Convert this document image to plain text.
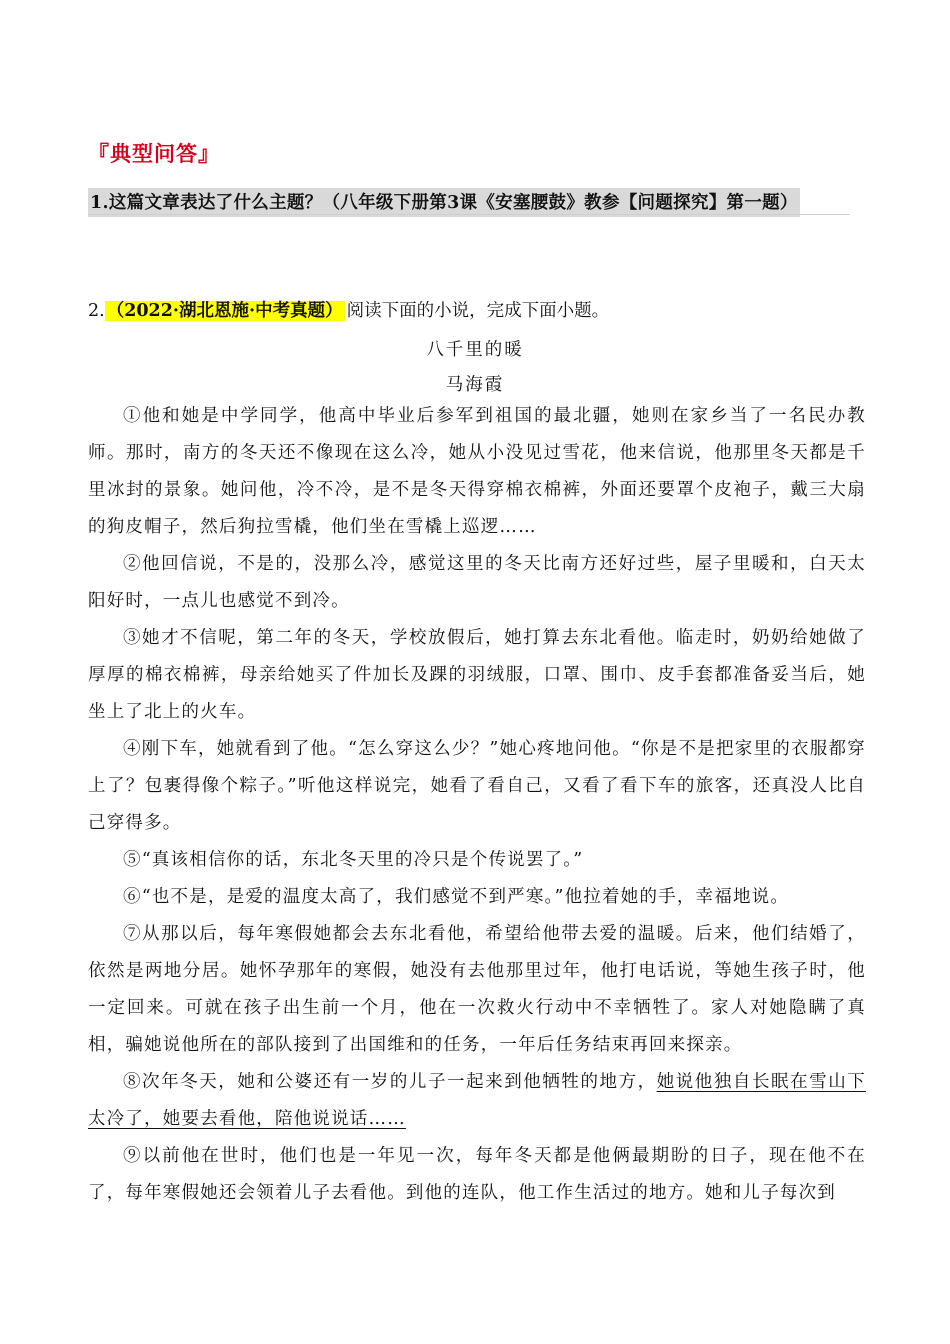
『典型问答』
1.这篇文章表达了什么主题？（八年级下册第3课《安塞腰鼓》教参【问题探究】第一题）
2. （2022·湖北恩施·中考真题） 阅读下面的小说，完成下面小题。
八千里的暖
马海霞

①他和她是中学同学，他高中毕业后参军到祖国的最北疆，她则在家乡当了一名民办教师。那时，南方的冬天还不像现在这么冷，她从小没见过雪花，他来信说，他那里冬天都是千里冰封的景象。她问他，冷不冷，是不是冬天得穿棉衣棉裤，外面还要罩个皮袍子，戴三大扇的狗皮帽子，然后狗拉雪橇，他们坐在雪橇上巡逻……

②他回信说，不是的，没那么冷，感觉这里的冬天比南方还好过些，屋子里暖和，白天太阳好时，一点儿也感觉不到冷。

③她才不信呢，第二年的冬天，学校放假后，她打算去东北看他。临走时，奶奶给她做了厚厚的棉衣棉裤，母亲给她买了件加长及踝的羽绒服，口罩、围巾、皮手套都准备妥当后，她坐上了北上的火车。

④刚下车，她就看到了他。“怎么穿这么少？”她心疼地问他。“你是不是把家里的衣服都穿上了？包裹得像个粽子。”听他这样说完，她看了看自己，又看了看下车的旅客，还真没人比自己穿得多。

⑤“真该相信你的话，东北冬天里的冷只是个传说罢了。”

⑥“也不是，是爱的温度太高了，我们感觉不到严寒。”他拉着她的手，幸福地说。

⑦从那以后，每年寒假她都会去东北看他，希望给他带去爱的温暖。后来，他们结婚了，依然是两地分居。她怀孕那年的寒假，她没有去他那里过年，他打电话说，等她生孩子时，他一定回来。可就在孩子出生前一个月，他在一次救火行动中不幸牺牲了。家人对她隐瞒了真相，骗她说他所在的部队接到了出国维和的任务，一年后任务结束再回来探亲。

⑧次年冬天，她和公婆还有一岁的儿子一起来到他牺牲的地方，她说他独自长眠在雪山下太冷了，她要去看他，陪他说说话……

⑨以前他在世时，他们也是一年见一次，每年冬天都是他俩最期盼的日子，现在他不在了，每年寒假她还会领着儿子去看他。到他的连队，他工作生活过的地方。她和儿子每次到
